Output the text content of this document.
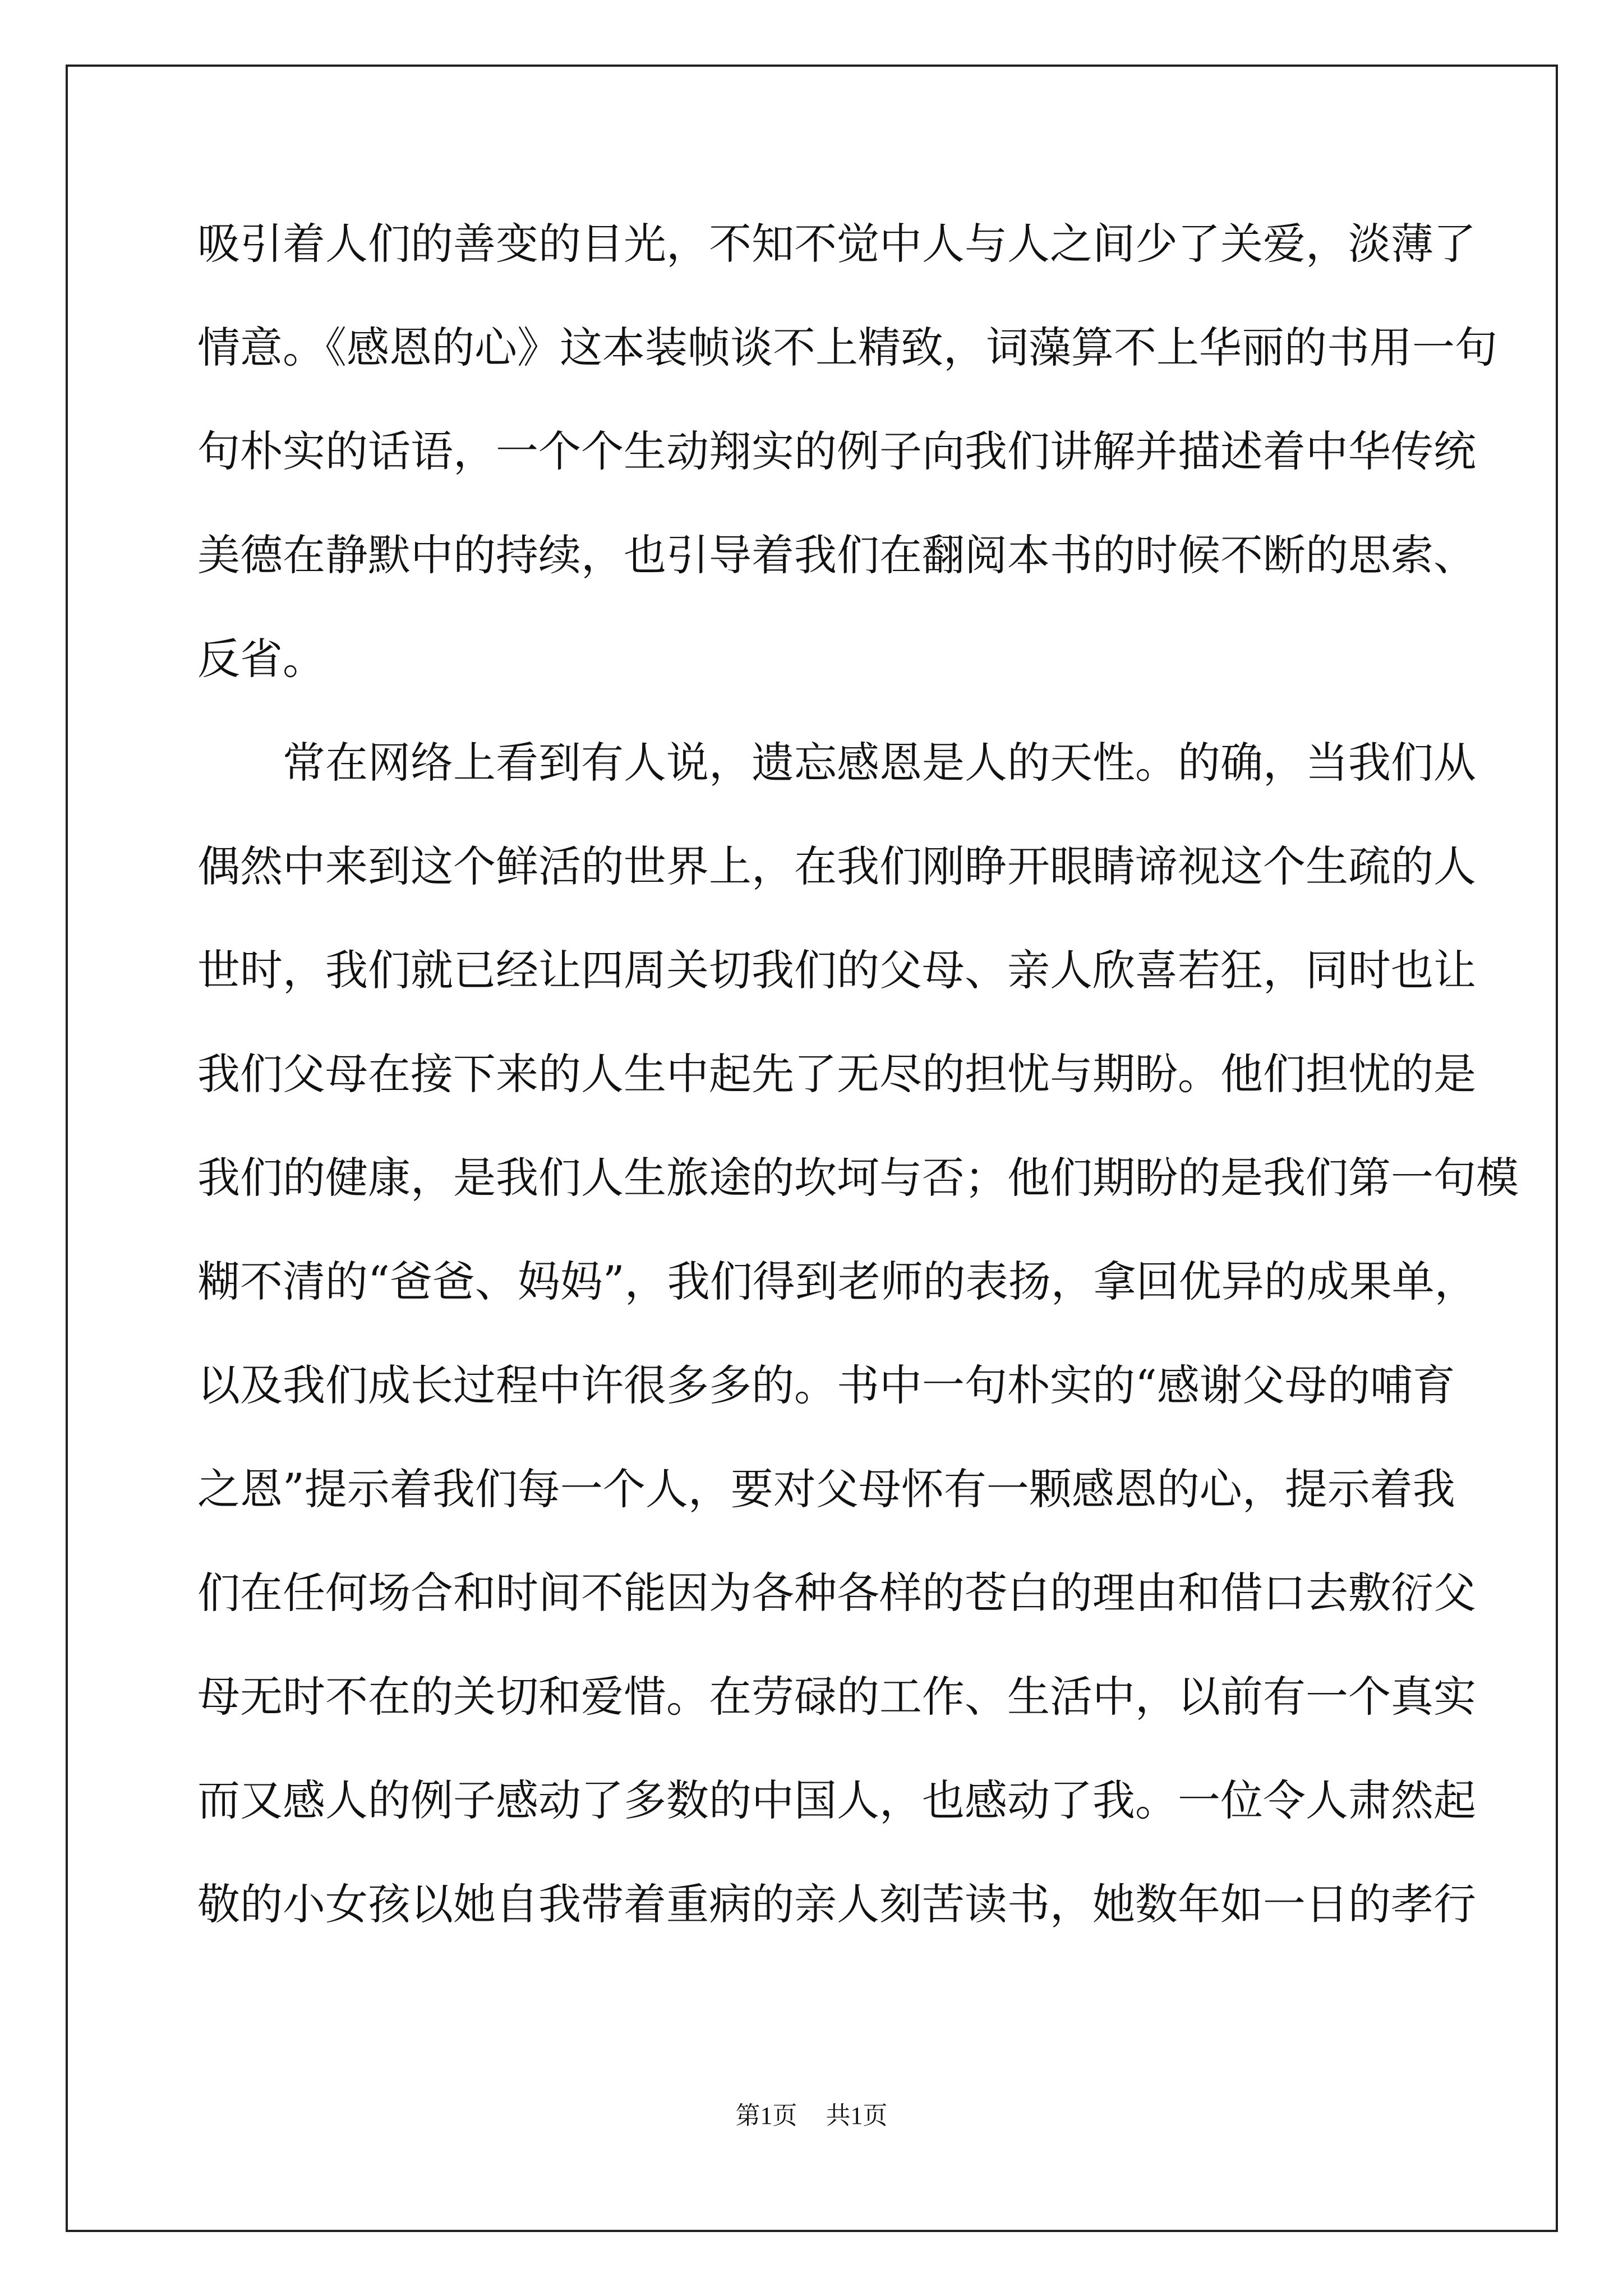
吸引着人们的善变的目光，不知不觉中人与人之间少了关爱，淡薄了
情意。《感恩的心》这本装帧谈不上精致，词藻算不上华丽的书用一句
句朴实的话语，一个个生动翔实的例子向我们讲解并描述着中华传统
美德在静默中的持续，也引导着我们在翻阅本书的时候不断的思索、
反省。
常在网络上看到有人说，遗忘感恩是人的天性。的确，当我们从
偶然中来到这个鲜活的世界上，在我们刚睁开眼睛谛视这个生疏的人
世时，我们就已经让四周关切我们的父母、亲人欣喜若狂，同时也让
我们父母在接下来的人生中起先了无尽的担忧与期盼。他们担忧的是
我们的健康，是我们人生旅途的坎坷与否；他们期盼的是我们第一句模
糊不清的“爸爸、妈妈”，我们得到老师的表扬，拿回优异的成果单，
以及我们成长过程中许很多多的。书中一句朴实的“感谢父母的哺育
之恩”提示着我们每一个人，要对父母怀有一颗感恩的心，提示着我
们在任何场合和时间不能因为各种各样的苍白的理由和借口去敷衍父
母无时不在的关切和爱惜。在劳碌的工作、生活中，以前有一个真实
而又感人的例子感动了多数的中国人，也感动了我。一位令人肃然起
敬的小女孩以她自我带着重病的亲人刻苦读书，她数年如一日的孝行
第1页 共1页
